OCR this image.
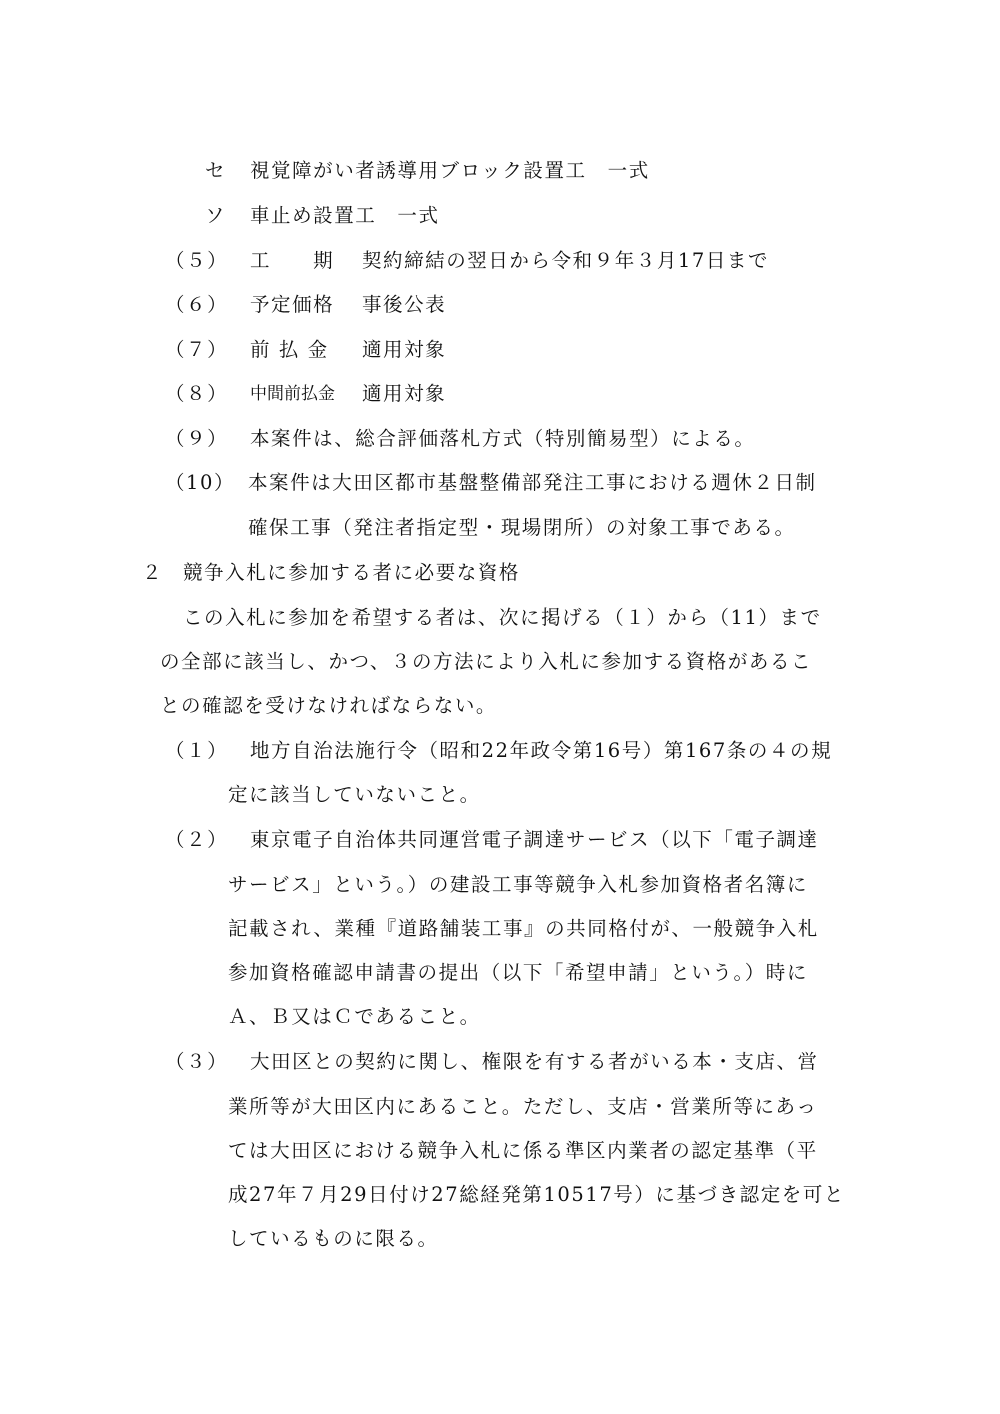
セ 視覚障がい者誘導用ブロック設置工　一式

ソ 車止め設置工　一式

（５） 工　　期 契約締結の翌日から令和９年３月17日まで

（６） 予定価格 事後公表

（７） 前 払 金 適用対象

（８） 中間前払金 適用対象

（９） 本案件は、総合評価落札方式（特別簡易型）による。

（10） 本案件は大田区都市基盤整備部発注工事における週休２日制

確保工事（発注者指定型・現場閉所）の対象工事である。

２ 競争入札に参加する者に必要な資格

この入札に参加を希望する者は、次に掲げる（１）から（11）まで

の全部に該当し、かつ、３の方法により入札に参加する資格があるこ

との確認を受けなければならない。

（１） 地方自治法施行令（昭和22年政令第16号）第167条の４の規

定に該当していないこと。

（２） 東京電子自治体共同運営電子調達サービス（以下「電子調達

サービス」という。）の建設工事等競争入札参加資格者名簿に

記載され、業種『道路舗装工事』の共同格付が、一般競争入札

参加資格確認申請書の提出（以下「希望申請」という。）時に

Ａ、Ｂ又はＣであること。

（３） 大田区との契約に関し、権限を有する者がいる本・支店、営

業所等が大田区内にあること。ただし、支店・営業所等にあっ

ては大田区における競争入札に係る準区内業者の認定基準（平

成27年７月29日付け27総経発第10517号）に基づき認定を可と

しているものに限る。
